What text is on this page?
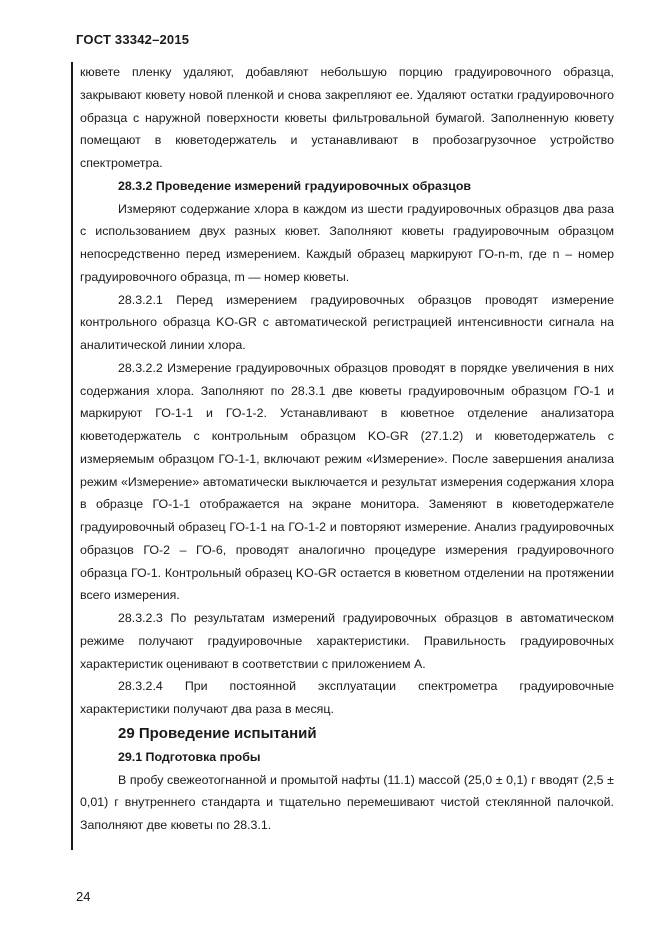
ГОСТ 33342–2015

кювете пленку удаляют, добавляют небольшую порцию градуировочного образца, закрывают кювету новой пленкой и снова закрепляют ее. Удаляют остатки градуировочного образца с наружной поверхности кюветы фильтровальной бумагой. Заполненную кювету помещают в кюветодержатель и устанавливают в пробозагрузочное устройство спектрометра.

28.3.2 Проведение измерений градуировочных образцов

Измеряют содержание хлора в каждом из шести градуировочных образцов два раза с использованием двух разных кювет. Заполняют кюветы градуировочным образцом непосредственно перед измерением. Каждый образец маркируют ГО-n-m, где n – номер градуировочного образца, m — номер кюветы.

28.3.2.1 Перед измерением градуировочных образцов проводят измерение контрольного образца KO-GR с автоматической регистрацией интенсивности сигнала на аналитической линии хлора.

28.3.2.2 Измерение градуировочных образцов проводят в порядке увеличения в них содержания хлора. Заполняют по 28.3.1 две кюветы градуировочным образцом ГО-1 и маркируют ГО-1-1 и ГО-1-2. Устанавливают в кюветное отделение анализатора кюветодержатель с контрольным образцом KO-GR (27.1.2) и кюветодержатель с измеряемым образцом ГО-1-1, включают режим «Измерение». После завершения анализа режим «Измерение» автоматически выключается и результат измерения содержания хлора в образце ГО-1-1 отображается на экране монитора. Заменяют в кюветодержателе градуировочный образец ГО-1-1 на ГО-1-2 и повторяют измерение. Анализ градуировочных образцов ГО-2 – ГО-6, проводят аналогично процедуре измерения градуировочного образца ГО-1. Контрольный образец KO-GR остается в кюветном отделении на протяжении всего измерения.

28.3.2.3 По результатам измерений градуировочных образцов в автоматическом режиме получают градуировочные характеристики. Правильность градуировочных характеристик оценивают в соответствии с приложением А.

28.3.2.4 При постоянной эксплуатации спектрометра градуировочные характеристики получают два раза в месяц.

29 Проведение испытаний

29.1 Подготовка пробы

В пробу свежеотогнанной и промытой нафты (11.1) массой (25,0 ± 0,1) г вводят (2,5 ± 0,01) г внутреннего стандарта и тщательно перемешивают чистой стеклянной палочкой. Заполняют две кюветы по 28.3.1.

24
